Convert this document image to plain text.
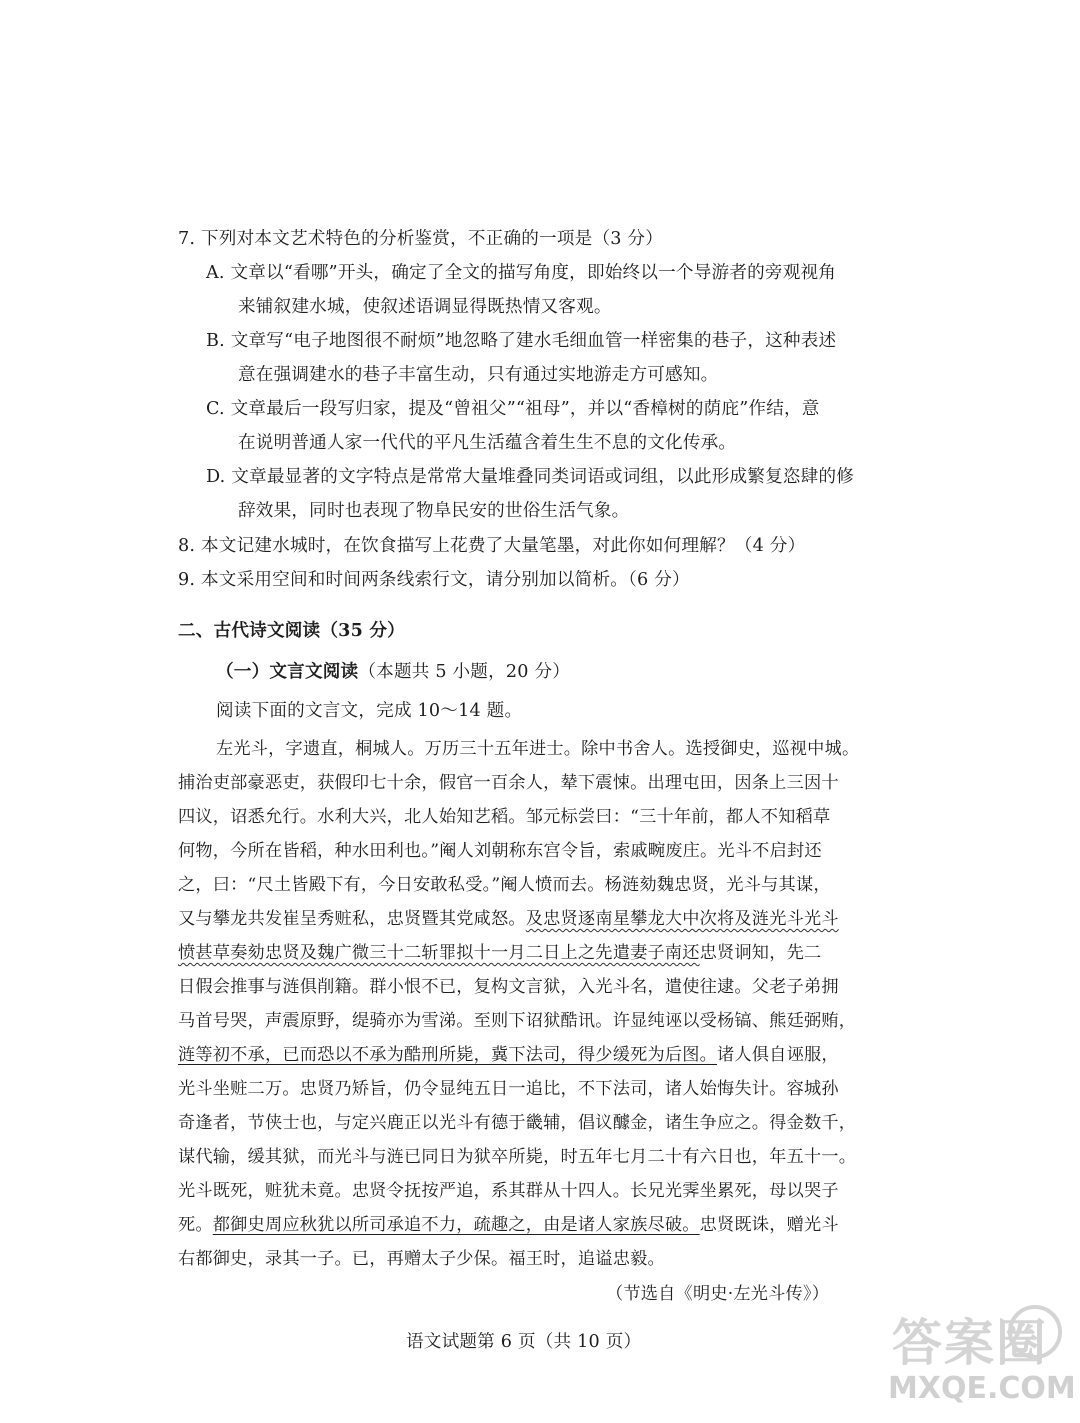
7. 下列对本文艺术特色的分析鉴赏，不正确的一项是（3 分）
A. 文章以“看哪”开头，确定了全文的描写角度，即始终以一个导游者的旁观视角
来铺叙建水城，使叙述语调显得既热情又客观。
B. 文章写“电子地图很不耐烦”地忽略了建水毛细血管一样密集的巷子，这种表述
意在强调建水的巷子丰富生动，只有通过实地游走方可感知。
C. 文章最后一段写归家，提及“曾祖父”“祖母”，并以“香樟树的荫庇”作结，意
在说明普通人家一代代的平凡生活蕴含着生生不息的文化传承。
D. 文章最显著的文字特点是常常大量堆叠同类词语或词组，以此形成繁复恣肆的修
辞效果，同时也表现了物阜民安的世俗生活气象。
8. 本文记建水城时，在饮食描写上花费了大量笔墨，对此你如何理解？（4 分）
9. 本文采用空间和时间两条线索行文，请分别加以简析。（6 分）
二、古代诗文阅读（35 分）
（一）文言文阅读（本题共 5 小题，20 分）
阅读下面的文言文，完成 10～14 题。
左光斗，字遗直，桐城人。万历三十五年进士。除中书舍人。选授御史，巡视中城。
捕治吏部豪恶吏，获假印七十余，假官一百余人，辇下震悚。出理屯田，因条上三因十
四议，诏悉允行。水利大兴，北人始知艺稻。邹元标尝曰：“三十年前，都人不知稻草
何物，今所在皆稻，种水田利也。”阉人刘朝称东宫令旨，索戚畹废庄。光斗不启封还
之，曰：“尺土皆殿下有，今日安敢私受。”阉人愤而去。杨涟劾魏忠贤，光斗与其谋，
又与攀龙共发崔呈秀赃私，忠贤暨其党咸怒。及忠贤逐南星攀龙大中次将及涟光斗光斗
愤甚草奏劾忠贤及魏广微三十二斩罪拟十一月二日上之先遣妻子南还忠贤诇知，先二
日假会推事与涟俱削籍。群小恨不已，复构文言狱，入光斗名，遣使往逮。父老子弟拥
马首号哭，声震原野，缇骑亦为雪涕。至则下诏狱酷讯。许显纯诬以受杨镐、熊廷弼贿，
涟等初不承，已而恐以不承为酷刑所毙，冀下法司，得少缓死为后图。诸人俱自诬服，
光斗坐赃二万。忠贤乃矫旨，仍令显纯五日一追比，不下法司，诸人始悔失计。容城孙
奇逢者，节侠士也，与定兴鹿正以光斗有德于畿辅，倡议醵金，诸生争应之。得金数千，
谋代输，缓其狱，而光斗与涟已同日为狱卒所毙，时五年七月二十有六日也，年五十一。
光斗既死，赃犹未竟。忠贤令抚按严追，系其群从十四人。长兄光霁坐累死，母以哭子
死。都御史周应秋犹以所司承追不力，疏趣之，由是诸人家族尽破。忠贤既诛，赠光斗
右都御史，录其一子。已，再赠太子少保。福王时，追谥忠毅。
（节选自《明史·左光斗传》）
语文试题第 6 页（共 10 页）	答案圈
MXQE.COM
